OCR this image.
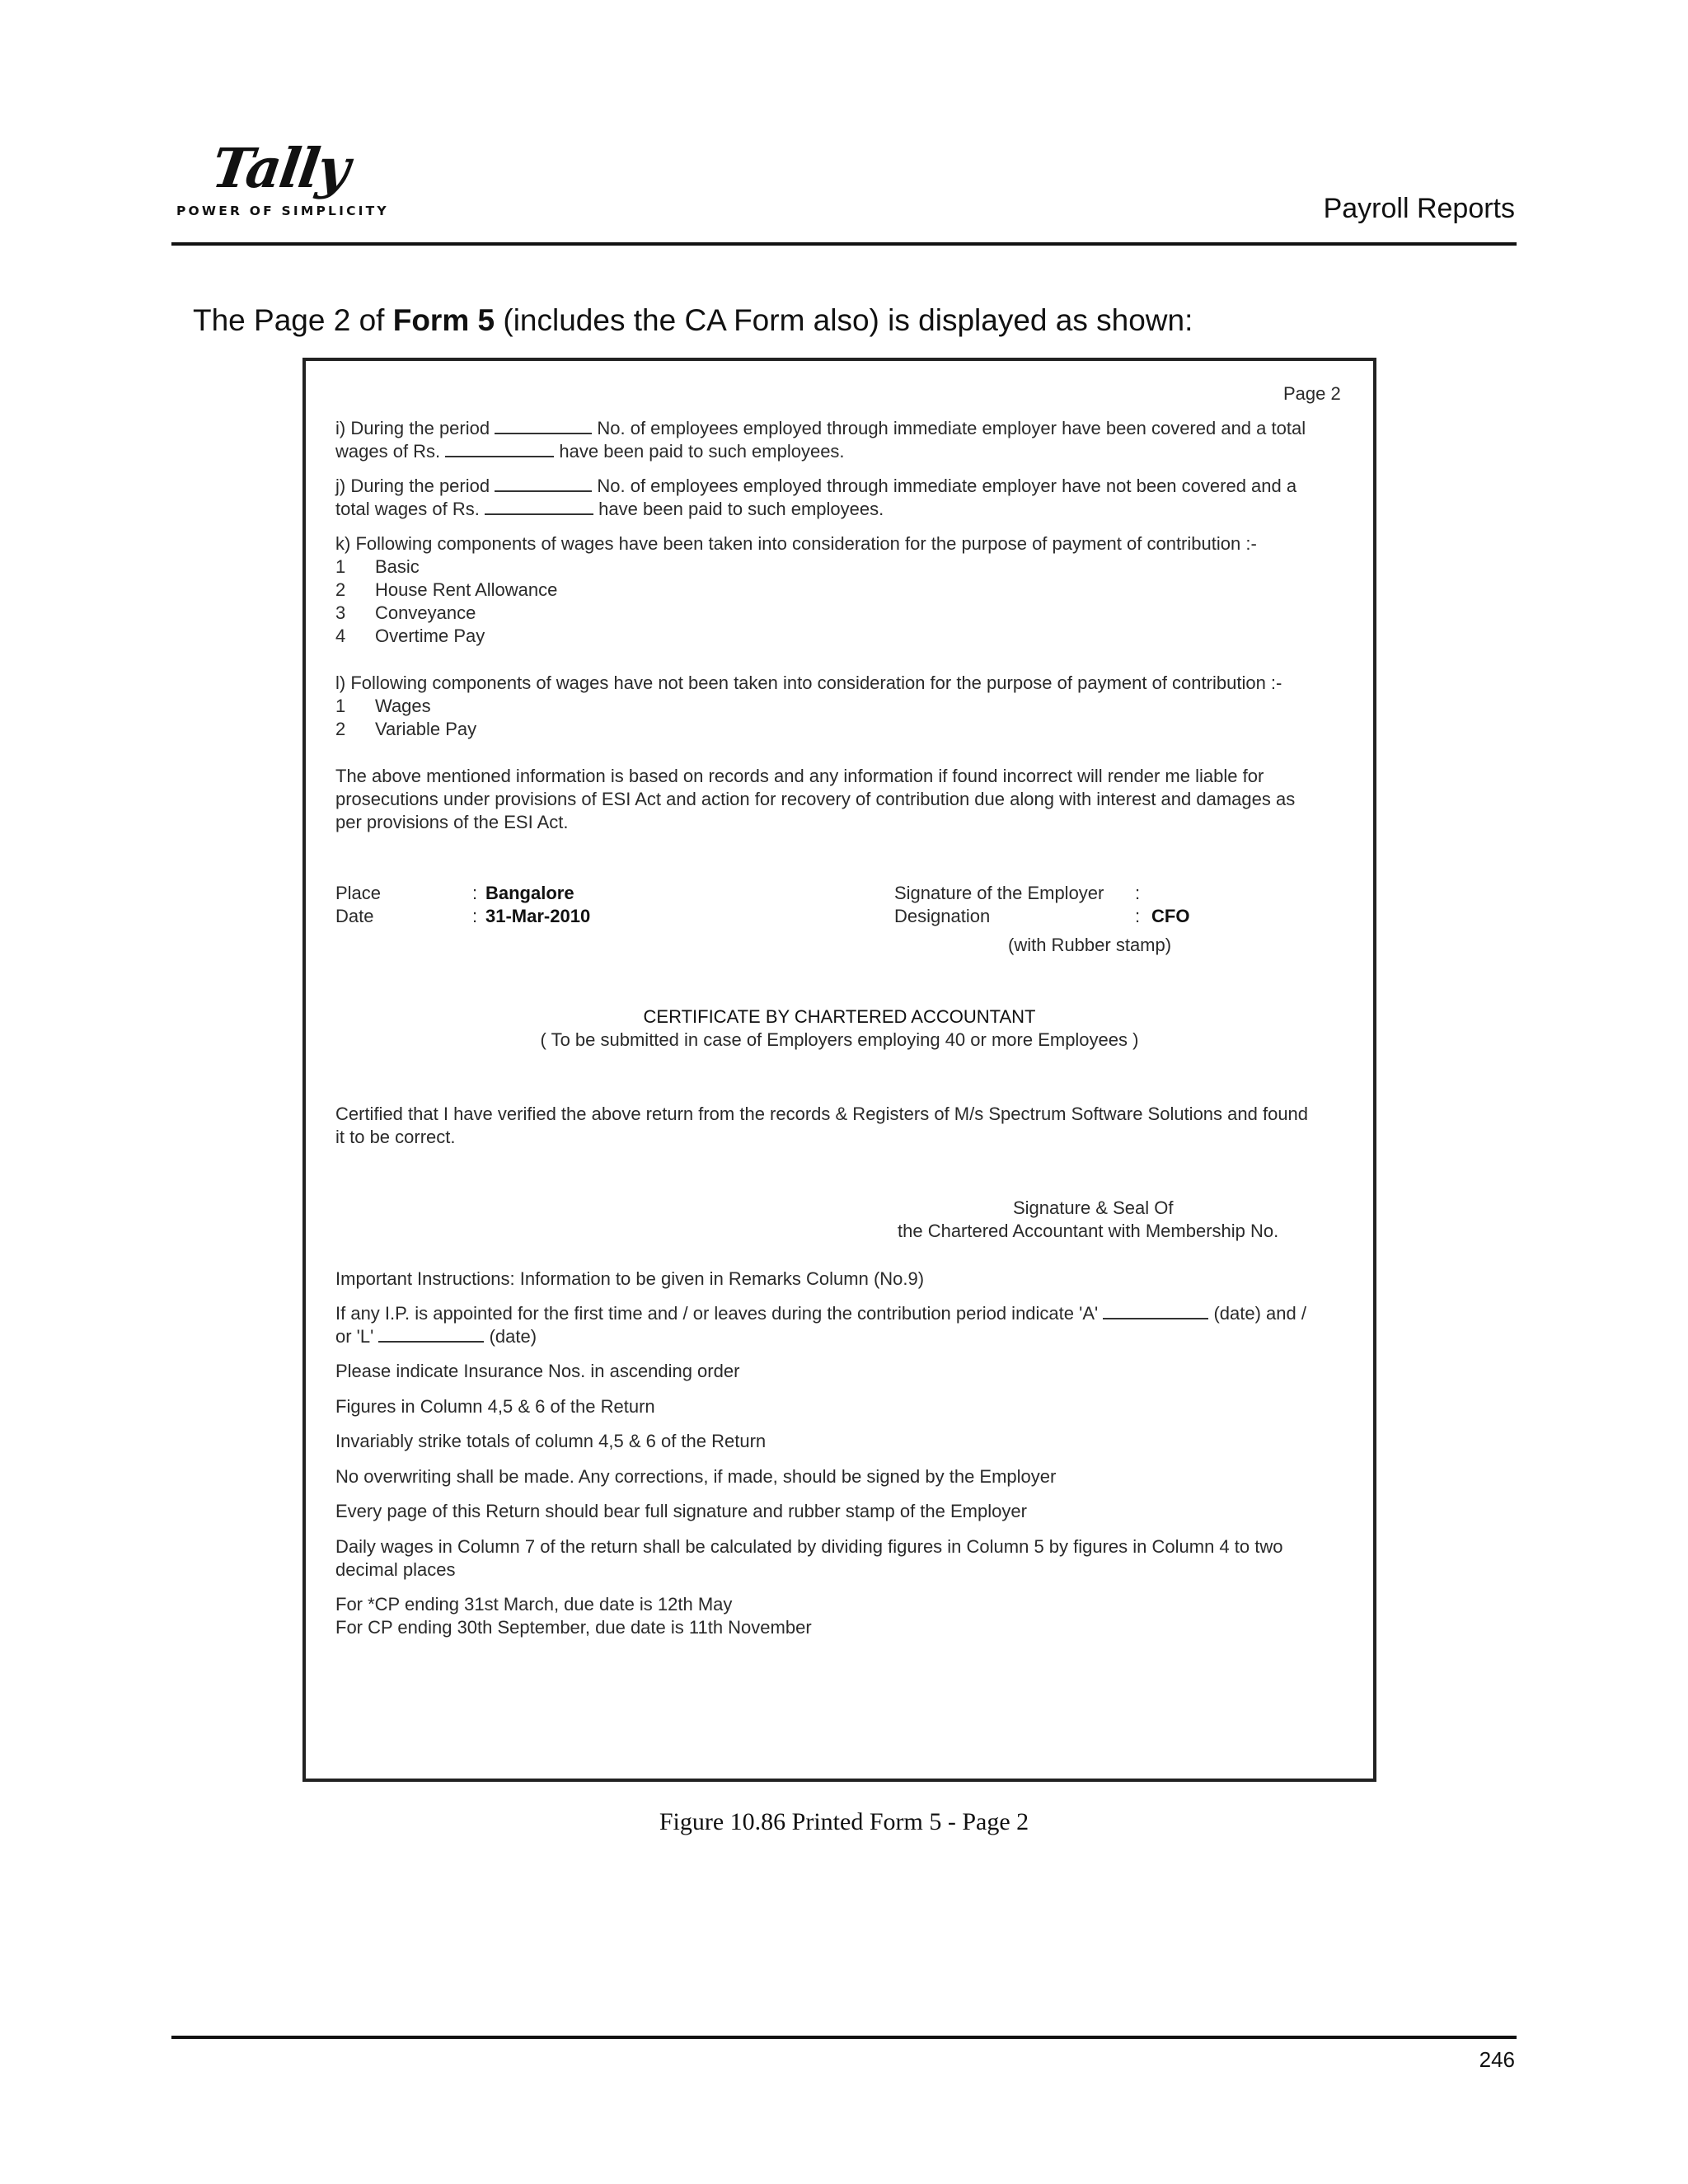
Tally
POWER OF SIMPLICITY	Payroll Reports
The Page 2 of Form 5 (includes the CA Form also) is displayed as shown:
Page 2
i) During the period	No. of employees employed through immediate employer have been covered and a total
wages of Rs.	have been paid to such employees.
j) During the period	No. of employees employed through immediate employer have not been covered and a
total wages of Rs.	have been paid to such employees.
k) Following components of wages have been taken into consideration for the purpose of payment of contribution :-
1 Basic
2 House Rent Allowance
3 Conveyance
4 Overtime Pay
l) Following components of wages have not been taken into consideration for the purpose of payment of contribution :-
1 Wages
2 Variable Pay
The above mentioned information is based on records and any information if found incorrect will render me liable for
prosecutions under provisions of ESI Act and action for recovery of contribution due along with interest and damages as
per provisions of the ESI Act.
Place	: Bangalore
Date	: 31-Mar-2010
Signature of the Employer :
Designation	: CFO
(with Rubber stamp)
CERTIFICATE BY CHARTERED ACCOUNTANT
( To be submitted in case of Employers employing 40 or more Employees )
Certified that I have verified the above return from the records & Registers of M/s Spectrum Software Solutions and found
it to be correct.
Signature & Seal Of
the Chartered Accountant with Membership No.
Important Instructions: Information to be given in Remarks Column (No.9)
If any I.P. is appointed for the first time and / or leaves during the contribution period indicate 'A'	(date) and /
or 'L'	(date)
Please indicate Insurance Nos. in ascending order
Figures in Column 4,5 & 6 of the Return
Invariably strike totals of column 4,5 & 6 of the Return
No overwriting shall be made. Any corrections, if made, should be signed by the Employer
Every page of this Return should bear full signature and rubber stamp of the Employer
Daily wages in Column 7 of the return shall be calculated by dividing figures in Column 5 by figures in Column 4 to two
decimal places
For *CP ending 31st March, due date is 12th May
For CP ending 30th September, due date is 11th November
Figure 10.86 Printed Form 5 - Page 2
246
